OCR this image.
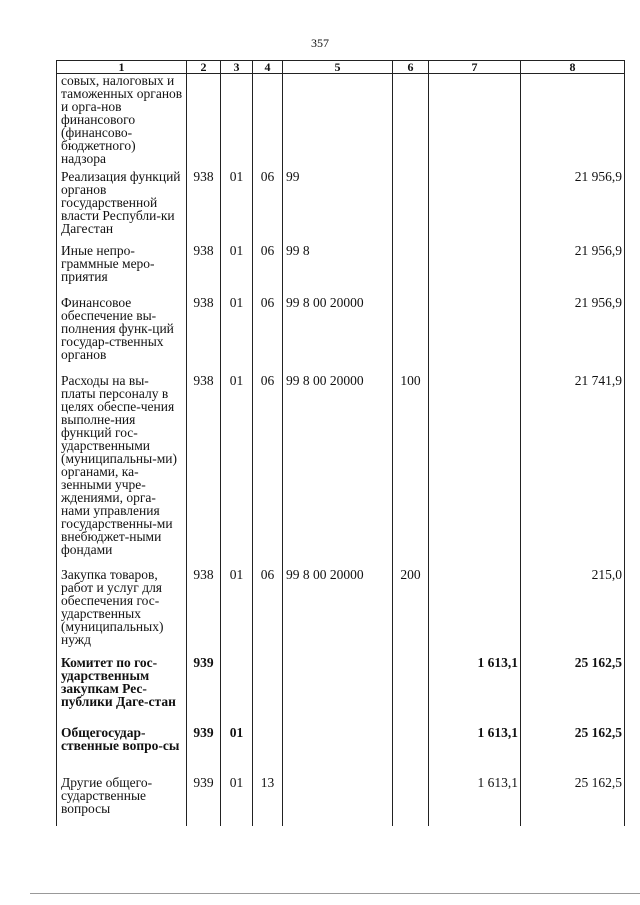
357
1	2	3	4	5	6	7	8
совых, налоговых и таможенных органов и орга-нов финансового (финансово-бюджетного) надзора							
Реализация функций органов государственной власти Республи-ки Дагестан	938	01	06	99			21 956,9
Иные непро-граммные меро-приятия	938	01	06	99 8			21 956,9
Финансовое обеспечение вы-полнения функ-ций государ-ственных органов	938	01	06	99 8 00 20000			21 956,9
Расходы на вы-платы персоналу в целях обеспе-чения выполне-ния функций гос-ударственными (муниципальны-ми) органами, ка-зенными учре-ждениями, орга-нами управления государственны-ми внебюджет-ными фондами	938	01	06	99 8 00 20000	100		21 741,9
Закупка товаров, работ и услуг для обеспечения гос-ударственных (муниципальных) нужд	938	01	06	99 8 00 20000	200		215,0
Комитет по гос-ударственным закупкам Рес-публики Даге-стан	939					1 613,1	25 162,5
Общегосудар-ственные вопро-сы	939	01				1 613,1	25 162,5
Другие общего-сударственные вопросы	939	01	13			1 613,1	25 162,5
